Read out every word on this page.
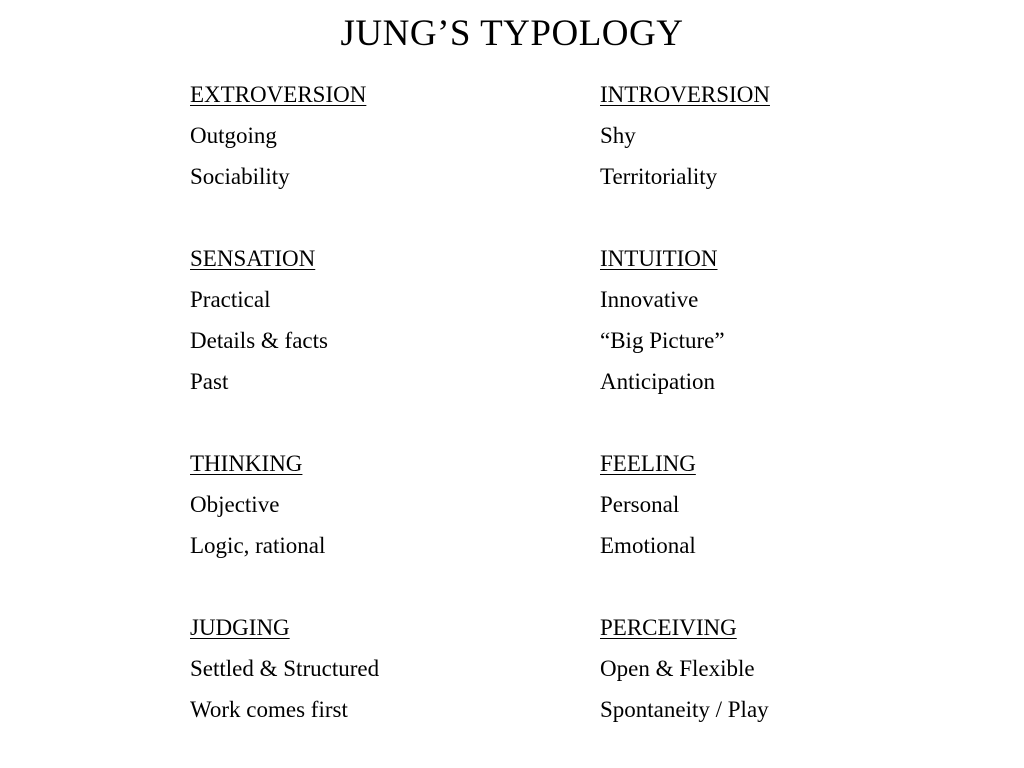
JUNG’S TYPOLOGY
EXTROVERSION
Outgoing
Sociability
SENSATION
Practical
Details & facts
Past
THINKING
Objective
Logic, rational
JUDGING
Settled & Structured
Work comes first
INTROVERSION
Shy
Territoriality
INTUITION
Innovative
“Big Picture”
Anticipation
FEELING
Personal
Emotional
PERCEIVING
Open & Flexible
Spontaneity / Play
